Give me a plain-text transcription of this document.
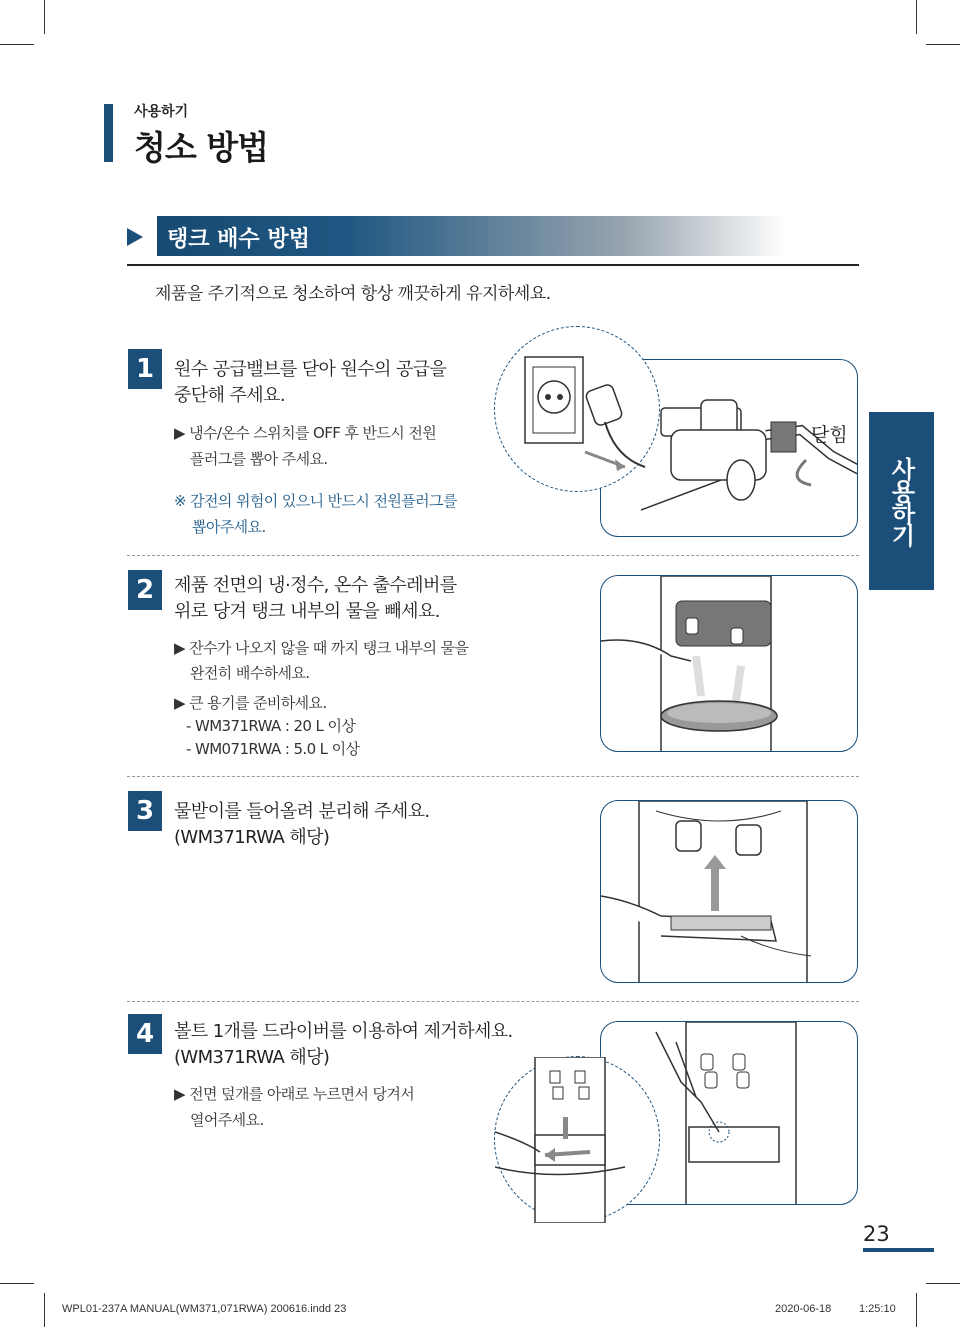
사용하기
청소 방법
탱크 배수 방법
제품을 주기적으로 청소하여 항상 깨끗하게 유지하세요.
1	원수 공급밸브를 닫아 원수의 공급을
중단해 주세요.
▶ 냉수/온수 스위치를 OFF 후 반드시 전원
플러그를 뽑아 주세요.
※ 감전의 위험이 있으니 반드시 전원플러그를
뽑아주세요.
닫힘
2	제품 전면의 냉·정수, 온수 출수레버를
위로 당겨 탱크 내부의 물을 빼세요.
▶ 잔수가 나오지 않을 때 까지 탱크 내부의 물을
완전히 배수하세요.
▶ 큰 용기를 준비하세요.
- WM371RWA : 20 L 이상
- WM071RWA : 5.0 L 이상
3	물받이를 들어올려 분리해 주세요.
(WM371RWA 해당)
4	볼트 1개를 드라이버를 이용하여 제거하세요.
(WM371RWA 해당)
▶ 전면 덮개를 아래로 누르면서 당겨서
열어주세요.
사용하기
23
WPL01-237A MANUAL(WM371,071RWA) 200616.indd 23	2020-06-18	1:25:10
